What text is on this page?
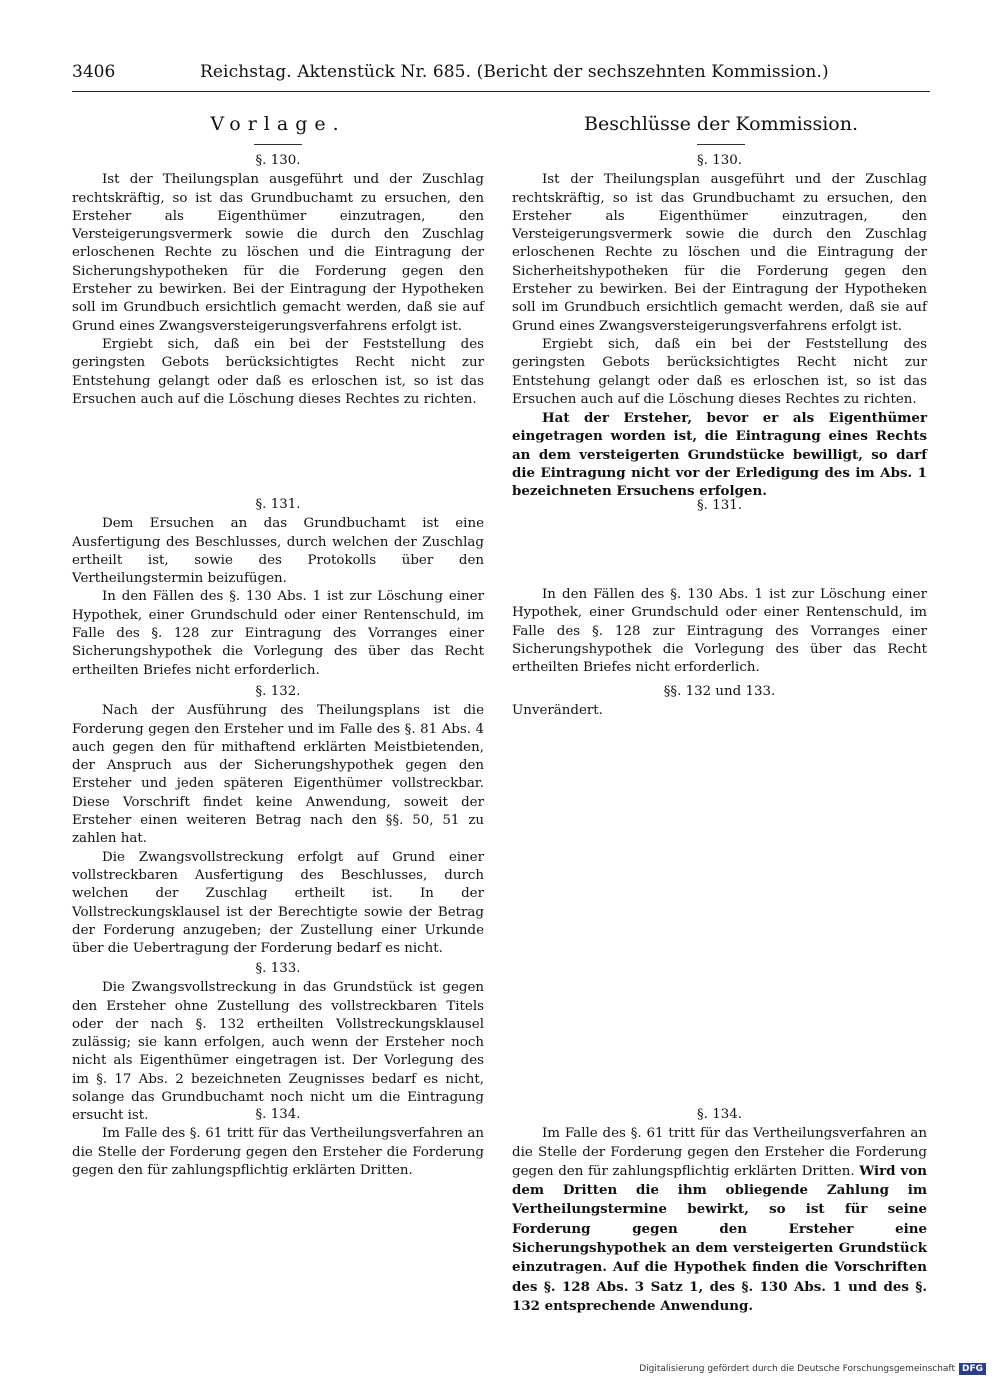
3406	Reichstag. Aktenstück Nr. 685. (Bericht der sechszehnten Kommission.)
Vorlage.	Beschlüsse der Kommission.
§. 130.

Ist der Theilungsplan ausgeführt und der Zuschlag rechtskräftig, so ist das Grundbuchamt zu ersuchen, den Ersteher als Eigenthümer einzutragen, den Versteigerungsvermerk sowie die durch den Zuschlag erloschenen Rechte zu löschen und die Eintragung der Sicherungshypotheken für die Forderung gegen den Ersteher zu bewirken. Bei der Eintragung der Hypotheken soll im Grundbuch ersichtlich gemacht werden, daß sie auf Grund eines Zwangsversteigerungsverfahrens erfolgt ist.

Ergiebt sich, daß ein bei der Feststellung des geringsten Gebots berücksichtigtes Recht nicht zur Entstehung gelangt oder daß es erloschen ist, so ist das Ersuchen auch auf die Löschung dieses Rechtes zu richten.

§. 131.

Dem Ersuchen an das Grundbuchamt ist eine Ausfertigung des Beschlusses, durch welchen der Zuschlag ertheilt ist, sowie des Protokolls über den Vertheilungstermin beizufügen.

In den Fällen des §. 130 Abs. 1 ist zur Löschung einer Hypothek, einer Grundschuld oder einer Rentenschuld, im Falle des §. 128 zur Eintragung des Vorranges einer Sicherungshypothek die Vorlegung des über das Recht ertheilten Briefes nicht erforderlich.

§. 132.

Nach der Ausführung des Theilungsplans ist die Forderung gegen den Ersteher und im Falle des §. 81 Abs. 4 auch gegen den für mithaftend erklärten Meistbietenden, der Anspruch aus der Sicherungshypothek gegen den Ersteher und jeden späteren Eigenthümer vollstreckbar. Diese Vorschrift findet keine Anwendung, soweit der Ersteher einen weiteren Betrag nach den §§. 50, 51 zu zahlen hat.

Die Zwangsvollstreckung erfolgt auf Grund einer vollstreckbaren Ausfertigung des Beschlusses, durch welchen der Zuschlag ertheilt ist. In der Vollstreckungsklausel ist der Berechtigte sowie der Betrag der Forderung anzugeben; der Zustellung einer Urkunde über die Uebertragung der Forderung bedarf es nicht.

§. 133.

Die Zwangsvollstreckung in das Grundstück ist gegen den Ersteher ohne Zustellung des vollstreckbaren Titels oder der nach §. 132 ertheilten Vollstreckungsklausel zulässig; sie kann erfolgen, auch wenn der Ersteher noch nicht als Eigenthümer eingetragen ist. Der Vorlegung des im §. 17 Abs. 2 bezeichneten Zeugnisses bedarf es nicht, solange das Grundbuchamt noch nicht um die Eintragung ersucht ist.	§. 134.

Im Falle des §. 61 tritt für das Vertheilungsverfahren an die Stelle der Forderung gegen den Ersteher die Forderung gegen den für zahlungspflichtig erklärten Dritten.

§. 130.

Ist der Theilungsplan ausgeführt und der Zuschlag rechtskräftig, so ist das Grundbuchamt zu ersuchen, den Ersteher als Eigenthümer einzutragen, den Versteigerungsvermerk sowie die durch den Zuschlag erloschenen Rechte zu löschen und die Eintragung der Sicherheitshypotheken für die Forderung gegen den Ersteher zu bewirken. Bei der Eintragung der Hypotheken soll im Grundbuch ersichtlich gemacht werden, daß sie auf Grund eines Zwangsversteigerungsverfahrens erfolgt ist.

Ergiebt sich, daß ein bei der Feststellung des geringsten Gebots berücksichtigtes Recht nicht zur Entstehung gelangt oder daß es erloschen ist, so ist das Ersuchen auch auf die Löschung dieses Rechtes zu richten.

Hat der Ersteher, bevor er als Eigenthümer eingetragen worden ist, die Eintragung eines Rechts an dem versteigerten Grundstücke bewilligt, so darf die Eintragung nicht vor der Erledigung des im Abs. 1 bezeichneten Ersuchens erfolgen.

§. 131.

In den Fällen des §. 130 Abs. 1 ist zur Löschung einer Hypothek, einer Grundschuld oder einer Rentenschuld, im Falle des §. 128 zur Eintragung des Vorranges einer Sicherungshypothek die Vorlegung des über das Recht ertheilten Briefes nicht erforderlich.

§§. 132 und 133.

Unverändert.

§. 134.

Im Falle des §. 61 tritt für das Vertheilungsverfahren an die Stelle der Forderung gegen den Ersteher die Forderung gegen den für zahlungspflichtig erklärten Dritten. Wird von dem Dritten die ihm obliegende Zahlung im Vertheilungstermine bewirkt, so ist für seine Forderung gegen den Ersteher eine Sicherungshypothek an dem versteigerten Grundstück einzutragen. Auf die Hypothek finden die Vorschriften des §. 128 Abs. 3 Satz 1, des §. 130 Abs. 1 und des §. 132 entsprechende Anwendung.

Digitalisierung gefördert durch die Deutsche Forschungsgemeinschaft DFG
